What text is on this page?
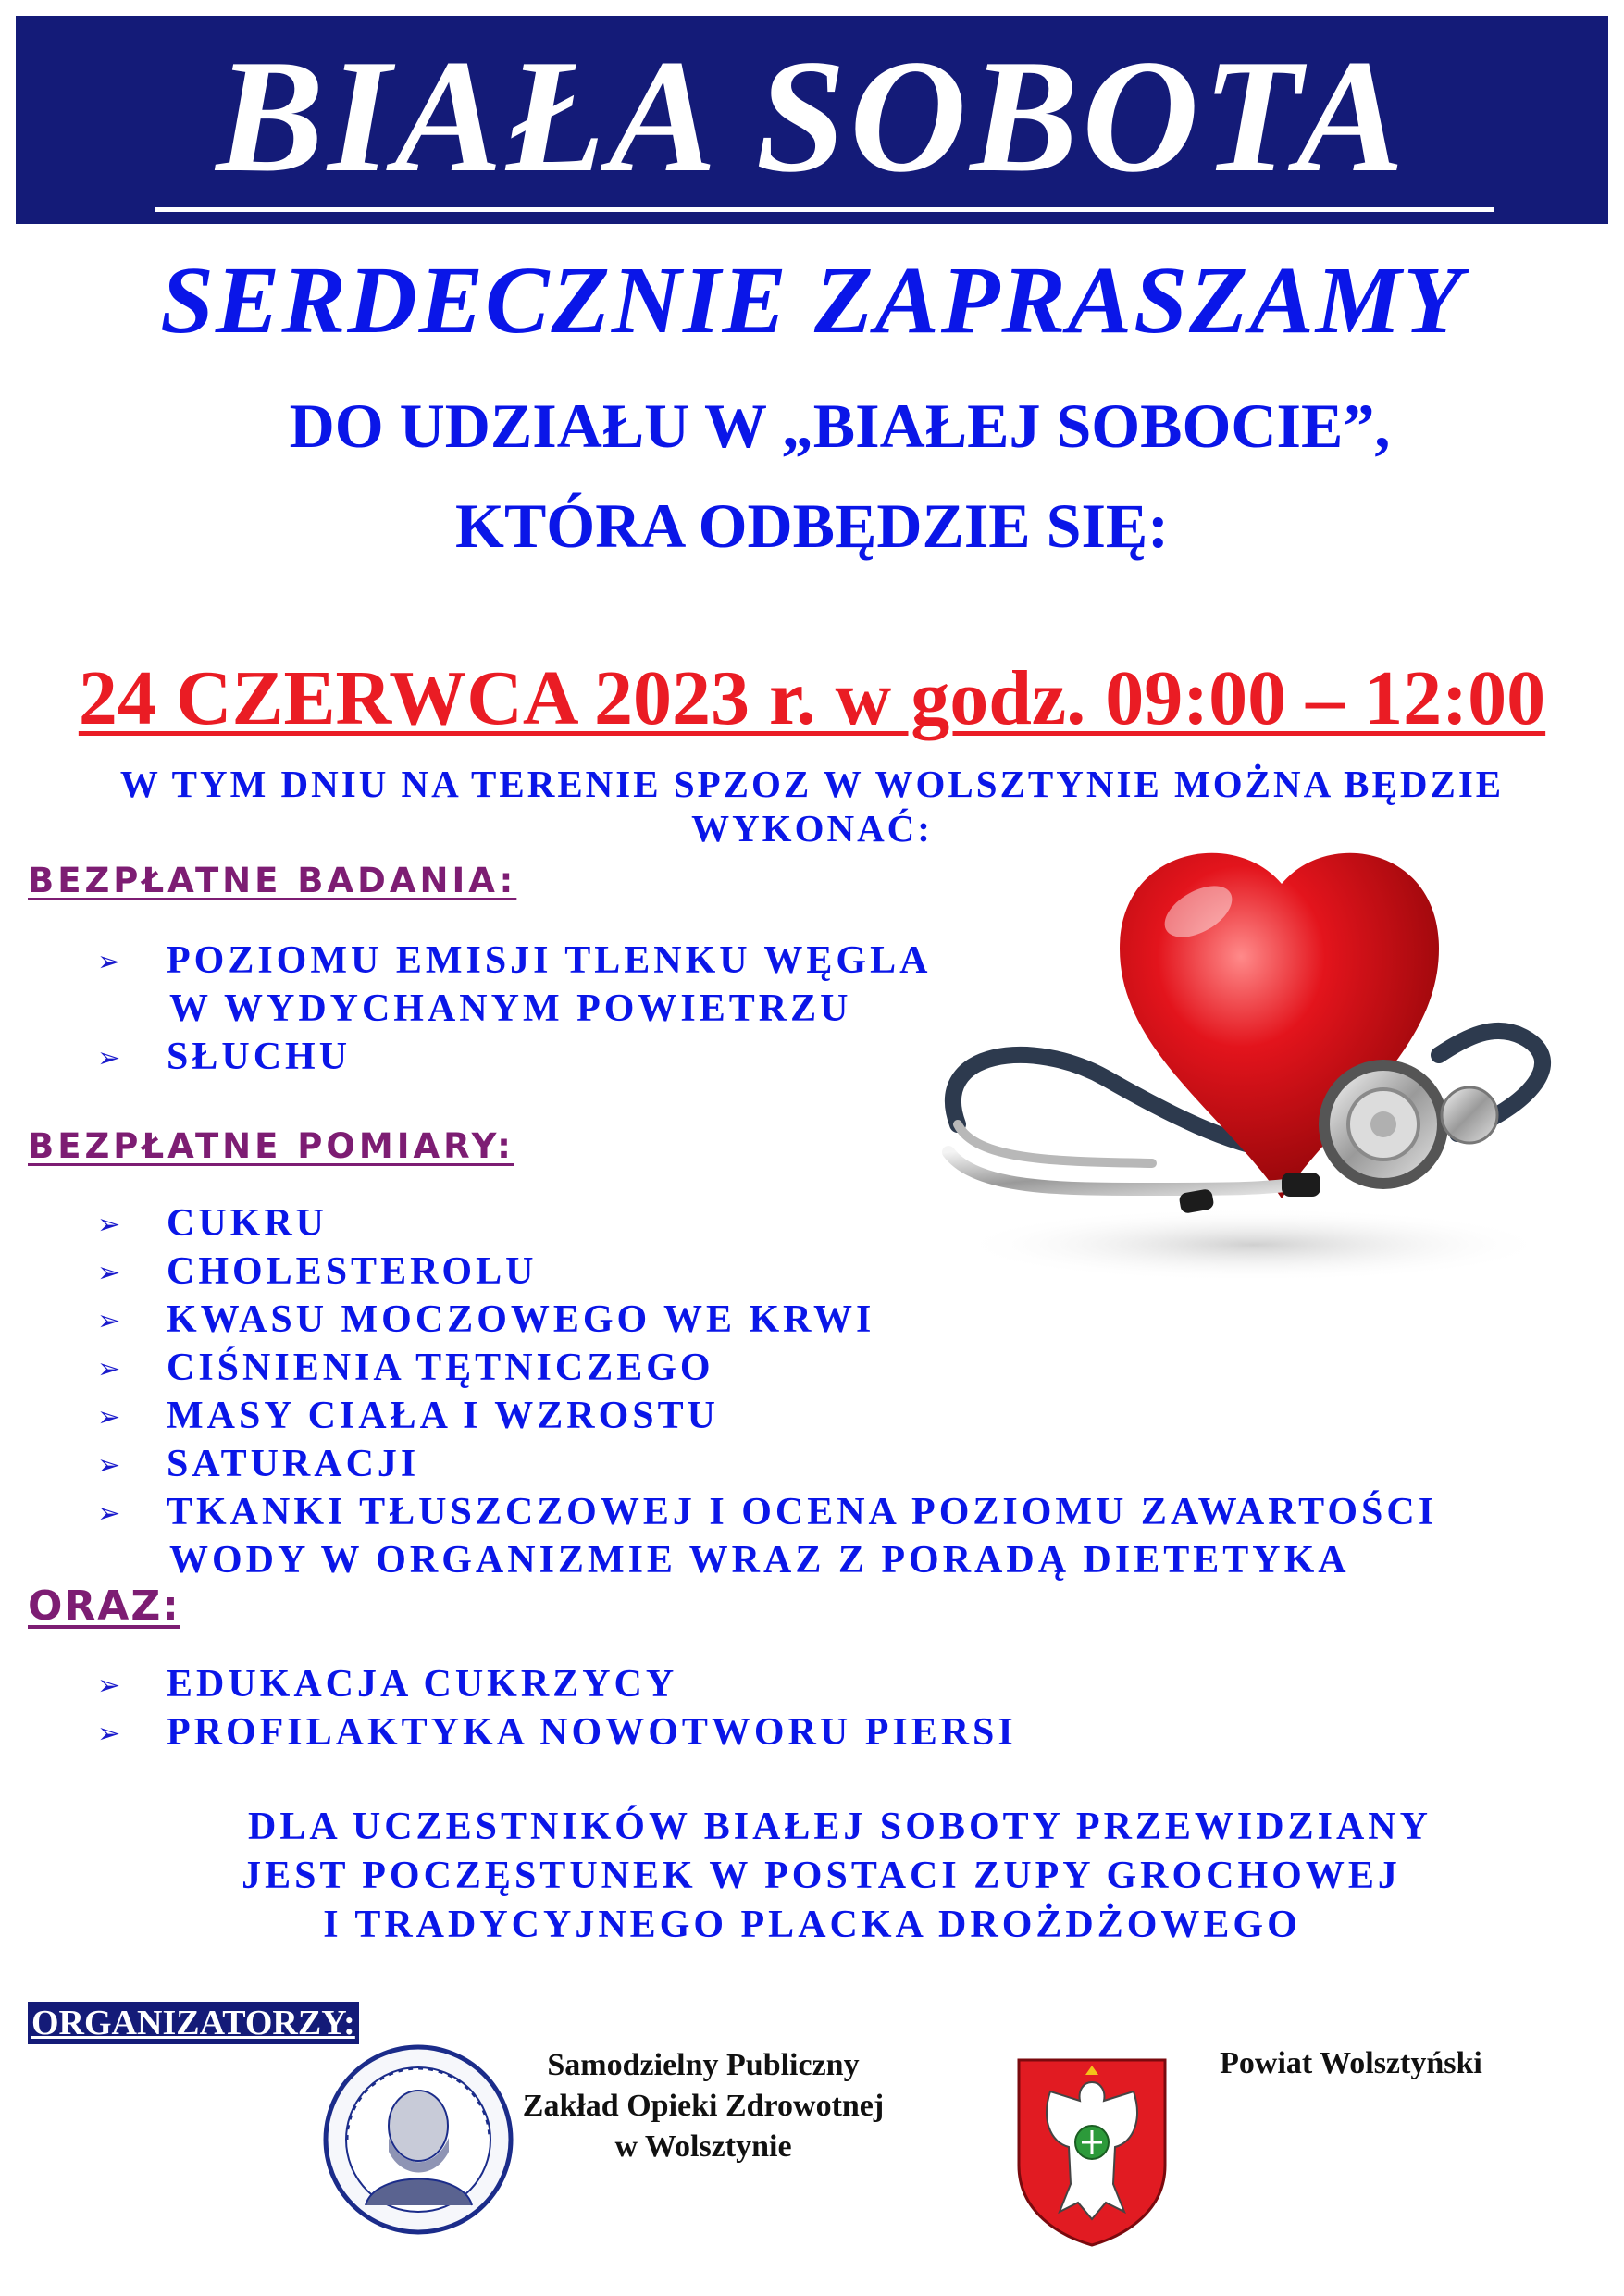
BIAŁA SOBOTA
SERDECZNIE ZAPRASZAMY
DO UDZIAŁU W „BIAŁEJ SOBOCIE”,
KTÓRA ODBĘDZIE SIĘ:
24 CZERWCA 2023 r. w godz. 09:00 – 12:00
W TYM DNIU NA TERENIE SPZOZ W WOLSZTYNIE MOŻNA BĘDZIE
WYKONAĆ:
BEZPŁATNE BADANIA:
➢ POZIOMU EMISJI TLENKU WĘGLA
W WYDYCHANYM POWIETRZU
➢ SŁUCHU
BEZPŁATNE POMIARY:
➢ CUKRU
➢ CHOLESTEROLU
➢ KWASU MOCZOWEGO WE KRWI
➢ CIŚNIENIA TĘTNICZEGO
➢ MASY CIAŁA I WZROSTU
➢ SATURACJI
➢ TKANKI TŁUSZCZOWEJ I OCENA POZIOMU ZAWARTOŚCI
WODY W ORGANIZMIE WRAZ Z PORADĄ DIETETYKA
ORAZ:
➢ EDUKACJA CUKRZYCY
➢ PROFILAKTYKA NOWOTWORU PIERSI
DLA UCZESTNIKÓW BIAŁEJ SOBOTY PRZEWIDZIANY
JEST POCZĘSTUNEK W POSTACI ZUPY GROCHOWEJ
I TRADYCYJNEGO PLACKA DROŻDŻOWEGO
ORGANIZATORZY:
Samodzielny Publiczny
Zakład Opieki Zdrowotnej
w Wolsztynie
Powiat Wolsztyński
